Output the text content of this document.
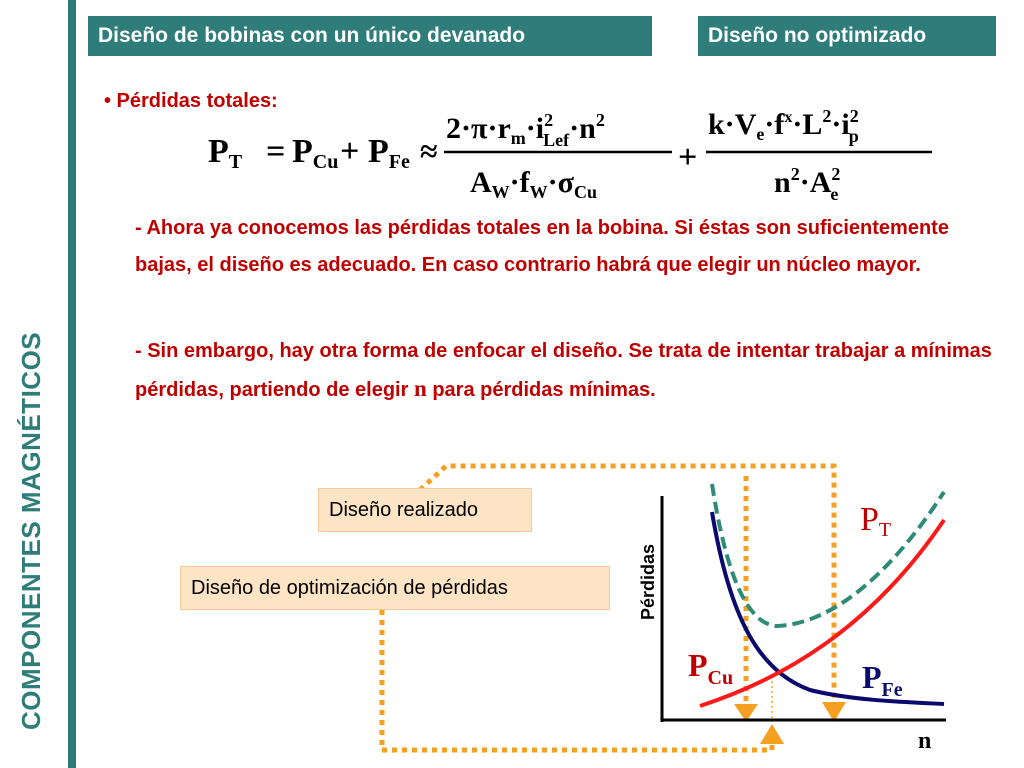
COMPONENTES MAGNÉTICOS
Diseño de bobinas con un único devanado	Diseño no optimizado
• Pérdidas totales:
PT = PCu + PFe ≈
$2\cdot\pi\cdot r_m\cdot i^2$ $Lef\cdot n^2$
$A_W\cdot f_W\cdot\sigma_{Cu}$
+
$k\cdot V_e\cdot f^x\cdot L^2\cdot i^2$ p
$n^2\cdot A^2$ e

- Ahora ya conocemos las pérdidas totales en la bobina. Si éstas son suficientemente bajas, el diseño es adecuado. En caso contrario habrá que elegir un núcleo mayor.

- Sin embargo, hay otra forma de enfocar el diseño. Se trata de intentar trabajar a mínimas pérdidas, partiendo de elegir n para pérdidas mínimas.

Pérdidas
n
PT
$P_{Cu}$	$P_{Fe}$
Diseño realizado
Diseño de optimización de pérdidas
